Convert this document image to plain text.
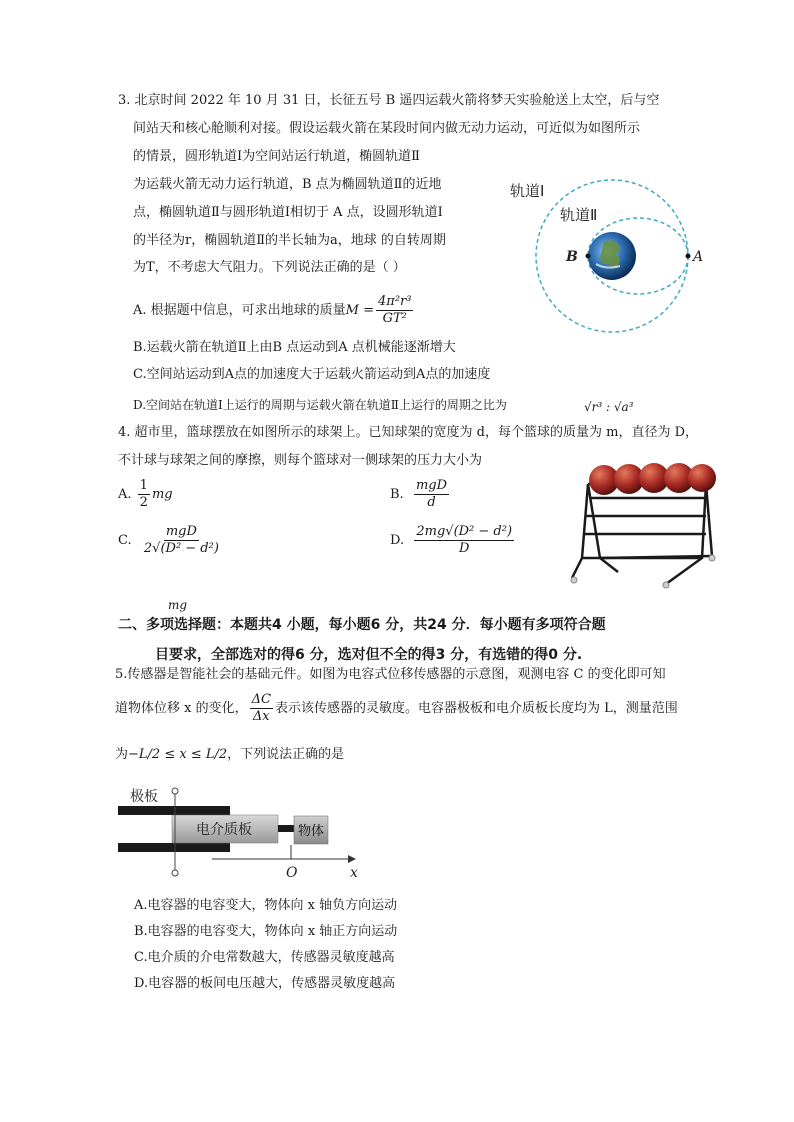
3. 北京时间 2022 年 10 月 31 日，长征五号 B 遥四运载火箭将梦天实验舱送上太空，后与空
间站天和核心舱顺利对接。假设运载火箭在某段时间内做无动力运动，可近似为如图所示
的情景，圆形轨道Ⅰ为空间站运行轨道，椭圆轨道Ⅱ
为运载火箭无动力运行轨道，B 点为椭圆轨道Ⅱ的近地
点，椭圆轨道Ⅱ与圆形轨道Ⅰ相切于 A 点，设圆形轨道Ⅰ
的半径为r，椭圆轨道Ⅱ的半长轴为a，地球 的自转周期
为T，不考虑大气阻力。下列说法正确的是（ ）
A. 根据题中信息，可求出地球的质量$M = \frac{\text{4π²r³}}{\text{GT²}}$
B.运载火箭在轨道Ⅱ上由B 点运动到A 点机械能逐渐增大
C.空间站运动到A点的加速度大于运载火箭运动到A点的加速度
D.空间站在轨道Ⅰ上运行的周期与运载火箭在轨道Ⅱ上运行的周期之比为	√r³ : √a³
轨道Ⅰ
轨道Ⅱ
B	A
4. 超市里，篮球摆放在如图所示的球架上。已知球架的宽度为 d，每个篮球的质量为 m，直径为 D，
不计球与球架之间的摩擦，则每个篮球对一侧球架的压力大小为
A. $\frac{1}{2}$ mg	B. $\frac{\text{mgD}}{d}$
C. $\frac{\text{mgD}}{\text{2√(D² − d²)}}$	D. $\frac{\text{2mg√(D² − d²)}}{D}$
mg
二、多项选择题：本题共4 小题，每小题6 分，共24 分．每小题有多项符合题
目要求，全部选对的得6 分，选对但不全的得3 分，有选错的得0 分.
5.传感器是智能社会的基础元件。如图为电容式位移传感器的示意图，观测电容 C 的变化即可知
道物体位移 x 的变化， $\frac{\Delta C}{\Delta x}$ 表示该传感器的灵敏度。电容器极板和电介质板长度均为 L，测量范围
为−L/2 ≤ x ≤ L/2，下列说法正确的是
极板
电介质板	物体
O	x
A.电容器的电容变大，物体向 x 轴负方向运动
B.电容器的电容变大，物体向 x 轴正方向运动
C.电介质的介电常数越大，传感器灵敏度越高
D.电容器的板间电压越大，传感器灵敏度越高
